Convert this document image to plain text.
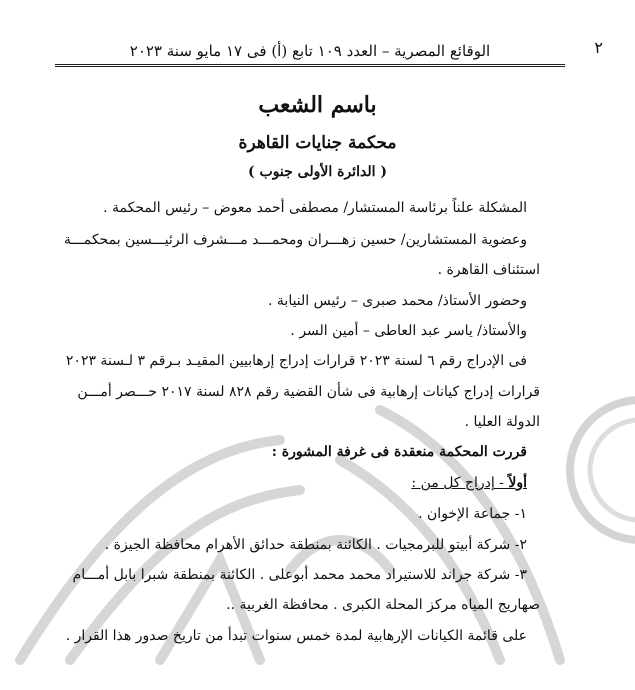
٢
الوقائع المصرية – العدد ١٠٩ تابع (أ) فى ١٧ مايو سنة ٢٠٢٣
باسم الشعب
محكمة جنايات القاهرة
( الدائرة الأولى جنوب )
المشكلة علناً برئاسة المستشار/ مصطفى أحمد معوض – رئيس المحكمة .
وعضوية المستشارين/ حسين زهـــران ومحمـــد مـــشرف الرئيـــسين بمحكمـــة
استئناف القاهرة .
وحضور الأستاذ/ محمد صبرى – رئيس النيابة .
والأستاذ/ ياسر عبد العاطى – أمين السر .
فى الإدراج رقم ٦ لسنة ٢٠٢٣ قرارات إدراج إرهابيين المقيـد بـرقم ٣ لـسنة ٢٠٢٣
قرارات إدراج كيانات إرهابية فى شأن القضية رقم ٨٢٨ لسنة ٢٠١٧ حـــصر أمـــن
الدولة العليا .
قررت المحكمة منعقدة فى غرفة المشورة :
أولاً - إدراج كل من :
١- جماعة الإخوان .
٢- شركة أبيتو للبرمجيات . الكائنة بمنطقة حدائق الأهرام محافظة الجيزة .
٣- شركة جراند للاستيراد محمد محمد أبوعلى . الكائنة بمنطقة شبرا بابل أمـــام
صهاريج المياه مركز المحلة الكبرى . محافظة الغربية ..
على قائمة الكيانات الإرهابية لمدة خمس سنوات تبدأ من تاريخ صدور هذا القرار .
